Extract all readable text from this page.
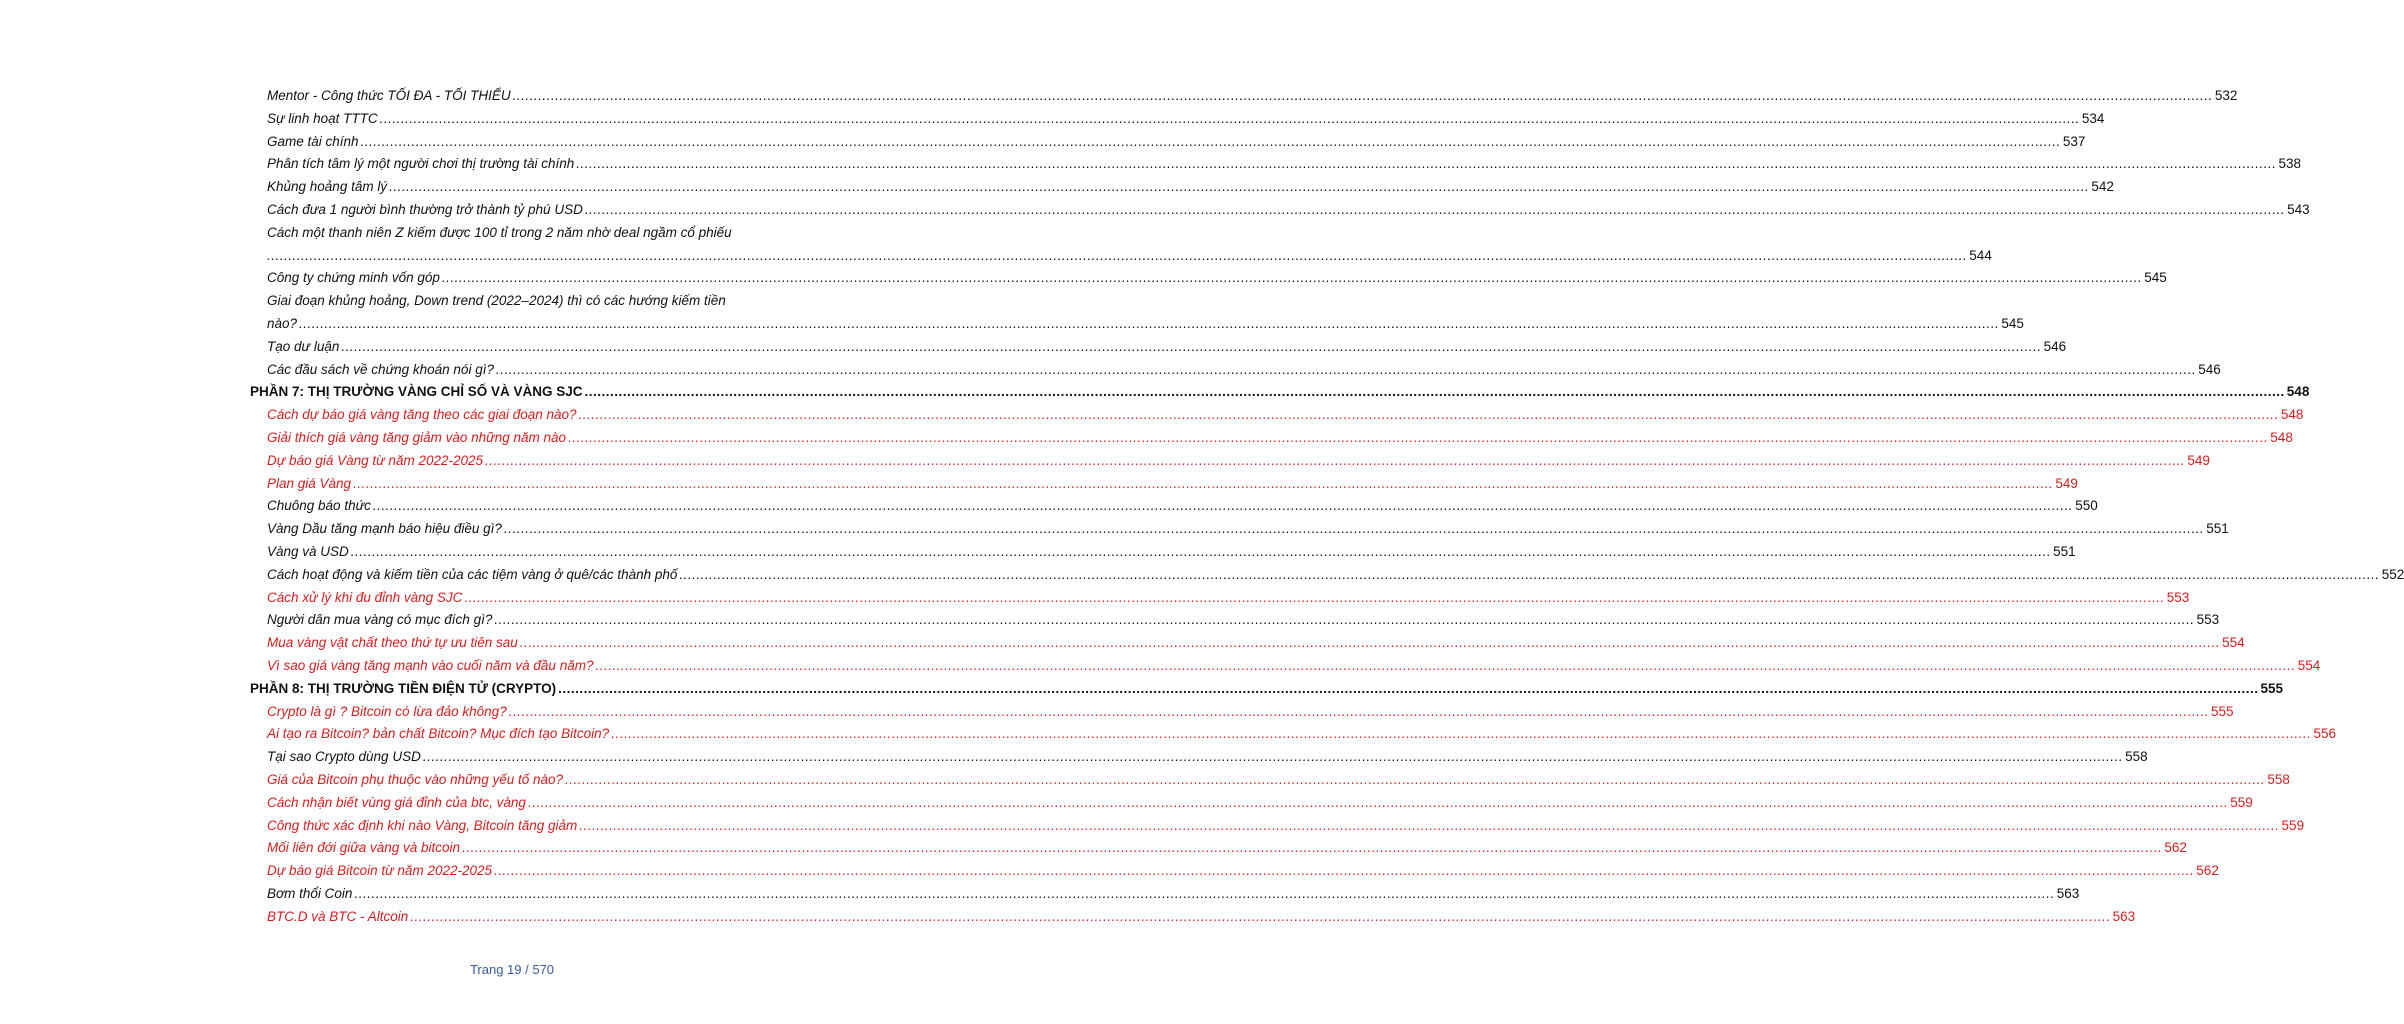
Mentor - Công thức TỐI ĐA - TỐI THIỂU ................................................................................................................................................................................................................................................................................................................................................................................................................ 532
Sự linh hoạt TTTC ................................................................................................................................................................................................................................................................................................................................................................................................................ 534
Game tài chính ................................................................................................................................................................................................................................................................................................................................................................................................................ 537
Phân tích tâm lý một người chơi thị trường tài chính ................................................................................................................................................................................................................................................................................................................................................................................................................ 538
Khủng hoảng tâm lý ................................................................................................................................................................................................................................................................................................................................................................................................................ 542
Cách đưa 1 người bình thường trở thành tỷ phú USD ................................................................................................................................................................................................................................................................................................................................................................................................................ 543
Cách một thanh niên Z kiếm được 100 tỉ trong 2 năm nhờ deal ngầm cổ phiếu
................................................................................................................................................................................................................................................................................................................................................................................................................ 544
Công ty chứng minh vốn góp ................................................................................................................................................................................................................................................................................................................................................................................................................ 545
Giai đoạn khủng hoảng, Down trend (2022–2024) thì có các hướng kiếm tiền
nào? ................................................................................................................................................................................................................................................................................................................................................................................................................ 545
Tạo dư luận ................................................................................................................................................................................................................................................................................................................................................................................................................ 546
Các đầu sách về chứng khoán nói gì? ................................................................................................................................................................................................................................................................................................................................................................................................................ 546
PHẦN 7: THỊ TRƯỜNG VÀNG CHỈ SỐ VÀ VÀNG SJC ................................................................................................................................................................................................................................................................................................................................................................................................................ 548
Cách dự báo giá vàng tăng theo các giai đoạn nào? ................................................................................................................................................................................................................................................................................................................................................................................................................ 548
Giải thích giá vàng tăng giảm vào những năm nào ................................................................................................................................................................................................................................................................................................................................................................................................................ 548
Dự báo giá Vàng từ năm 2022-2025 ................................................................................................................................................................................................................................................................................................................................................................................................................ 549
Plan giá Vàng ................................................................................................................................................................................................................................................................................................................................................................................................................ 549
Chuông báo thức ................................................................................................................................................................................................................................................................................................................................................................................................................ 550
Vàng Dầu tăng mạnh báo hiệu điều gì? ................................................................................................................................................................................................................................................................................................................................................................................................................ 551
Vàng và USD ................................................................................................................................................................................................................................................................................................................................................................................................................ 551
Cách hoạt động và kiếm tiền của các tiệm vàng ở quê/các thành phố ................................................................................................................................................................................................................................................................................................................................................................................................................ 552
Cách xử lý khi đu đỉnh vàng SJC ................................................................................................................................................................................................................................................................................................................................................................................................................ 553
Người dân mua vàng có mục đích gì? ................................................................................................................................................................................................................................................................................................................................................................................................................ 553
Mua vàng vật chất theo thứ tự ưu tiên sau ................................................................................................................................................................................................................................................................................................................................................................................................................ 554
Vì sao giá vàng tăng mạnh vào cuối năm và đầu năm? ................................................................................................................................................................................................................................................................................................................................................................................................................ 554
PHẦN 8: THỊ TRƯỜNG TIỀN ĐIỆN TỬ (CRYPTO) ................................................................................................................................................................................................................................................................................................................................................................................................................ 555
Crypto là gì ? Bitcoin có lừa đảo không? ................................................................................................................................................................................................................................................................................................................................................................................................................ 555
Ai tạo ra Bitcoin? bản chất Bitcoin? Mục đích tạo Bitcoin? ................................................................................................................................................................................................................................................................................................................................................................................................................ 556
Tại sao Crypto dùng USD ................................................................................................................................................................................................................................................................................................................................................................................................................ 558
Giá của Bitcoin phụ thuộc vào những yếu tố nào? ................................................................................................................................................................................................................................................................................................................................................................................................................ 558
Cách nhận biết vùng giá đỉnh của btc, vàng ................................................................................................................................................................................................................................................................................................................................................................................................................ 559
Công thức xác định khi nào Vàng, Bitcoin tăng giảm ................................................................................................................................................................................................................................................................................................................................................................................................................ 559
Mối liên đới giữa vàng và bitcoin ................................................................................................................................................................................................................................................................................................................................................................................................................ 562
Dự báo giá Bitcoin từ năm 2022-2025 ................................................................................................................................................................................................................................................................................................................................................................................................................ 562
Bơm thổi Coin ................................................................................................................................................................................................................................................................................................................................................................................................................ 563
BTC.D và BTC - Altcoin ................................................................................................................................................................................................................................................................................................................................................................................................................ 563
Trang 19 / 570
